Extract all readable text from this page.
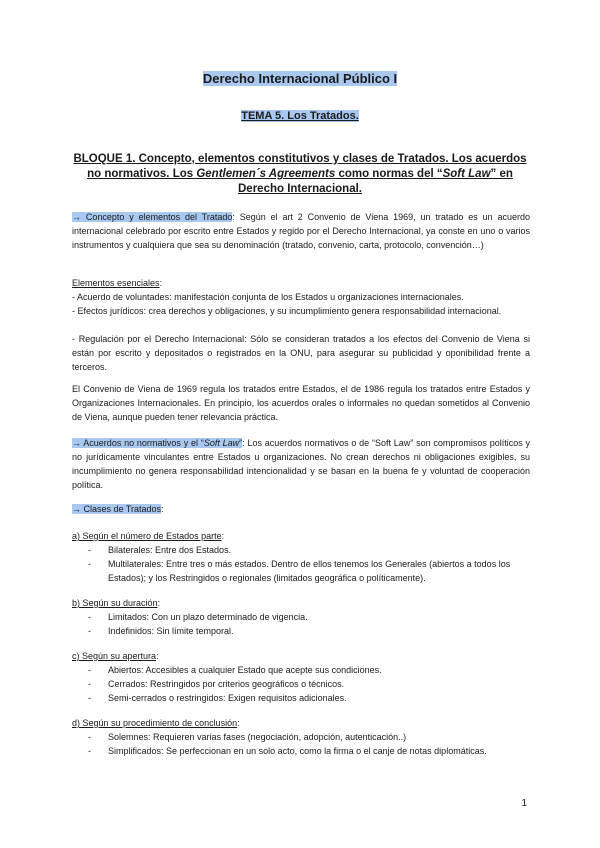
Derecho Internacional Público I
TEMA 5. Los Tratados.
BLOQUE 1. Concepto, elementos constitutivos y clases de Tratados. Los acuerdos no normativos. Los Gentlemen´s Agreements como normas del “Soft Law” en Derecho Internacional.

→ Concepto y elementos del Tratado: Según el art 2 Convenio de Viena 1969, un tratado es un acuerdo internacional celebrado por escrito entre Estados y regido por el Derecho Internacional, ya conste en uno o varios instrumentos y cualquiera que sea su denominación (tratado, convenio, carta, protocolo, convención…)

Elementos esenciales:

- Acuerdo de voluntades: manifestación conjunta de los Estados u organizaciones internacionales.

- Efectos jurídicos: crea derechos y obligaciones, y su incumplimiento genera responsabilidad internacional.

- Regulación por el Derecho Internacional: Sólo se consideran tratados a los efectos del Convenio de Viena si están por escrito y depositados o registrados en la ONU, para asegurar su publicidad y oponibilidad frente a terceros.

El Convenio de Viena de 1969 regula los tratados entre Estados, el de 1986 regula los tratados entre Estados y Organizaciones Internacionales. En principio, los acuerdos orales o informales no quedan sometidos al Convenio de Viena, aunque pueden tener relevancia práctica.

→ Acuerdos no normativos y el “Soft Law”: Los acuerdos normativos o de “Soft Law” son compromisos políticos y no jurídicamente vinculantes entre Estados u organizaciones. No crean derechos ni obligaciones exigibles, su incumplimiento no genera responsabilidad intencionalidad y se basan en la buena fe y voluntad de cooperación política.

→ Clases de Tratados:

a) Según el número de Estados parte:

- Bilaterales: Entre dos Estados.
- Multilaterales: Entre tres o más estados. Dentro de ellos tenemos los Generales (abiertos a todos los Estados); y los Restringidos o regionales (limitados geográfica o políticamente).

b) Según su duración:

- Limitados: Con un plazo determinado de vigencia.
- Indefinidos: Sin límite temporal.

c) Según su apertura:

- Abiertos: Accesibles a cualquier Estado que acepte sus condiciones.
- Cerrados: Restringidos por criterios geográficos o técnicos.
- Semi-cerrados o restringidos: Exigen requisitos adicionales.

d) Según su procedimiento de conclusión:

- Solemnes: Requieren varias fases (negociación, adopción, autenticación..)
- Simplificados: Se perfeccionan en un solo acto, como la firma o el canje de notas diplomáticas.
1
